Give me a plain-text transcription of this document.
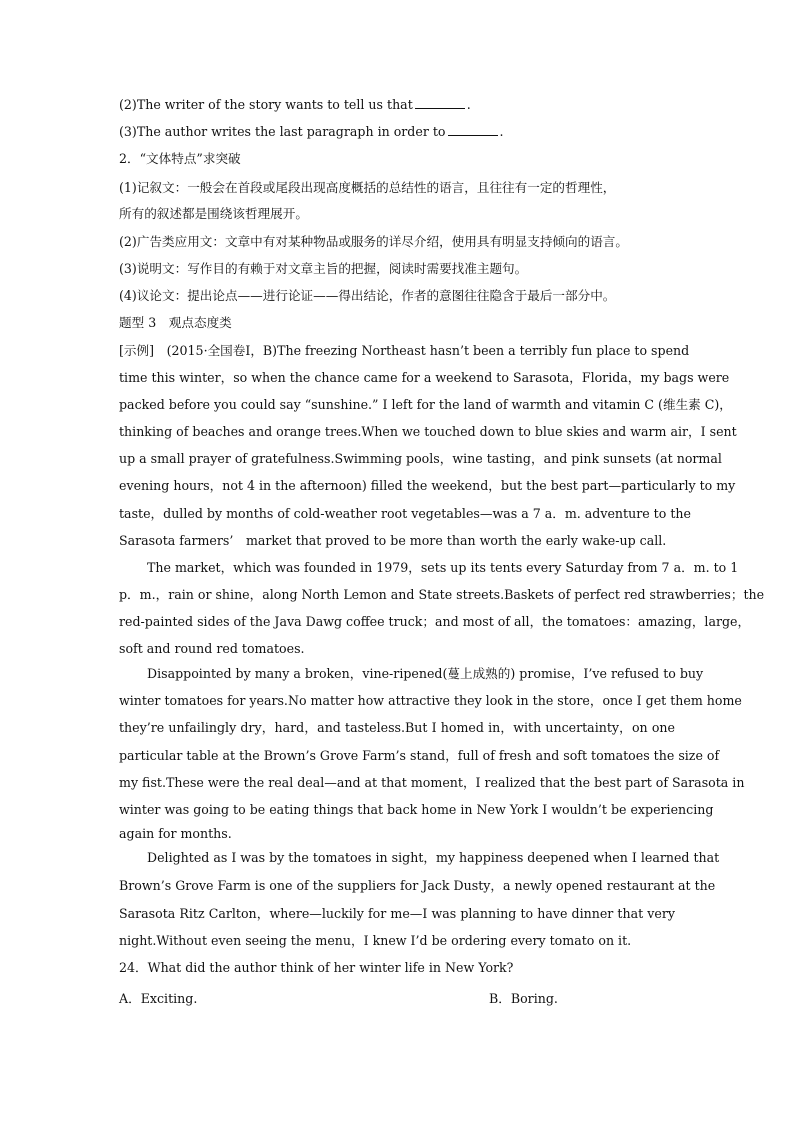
(2)The writer of the story wants to tell us that	.
(3)The author writes the last paragraph in order to	.
2．“文体特点”求突破
(1)记叙文：一般会在首段或尾段出现高度概括的总结性的语言，且往往有一定的哲理性，
所有的叙述都是围绕该哲理展开。
(2)广告类应用文：文章中有对某种物品或服务的详尽介绍，使用具有明显支持倾向的语言。
(3)说明文：写作目的有赖于对文章主旨的把握，阅读时需要找准主题句。
(4)议论文：提出论点——进行论证——得出结论，作者的意图往往隐含于最后一部分中。
题型 3　观点态度类
[示例]　(2015·全国卷Ⅰ，B)The freezing Northeast hasn’t been a terribly fun place to spend
time this winter，so when the chance came for a weekend to Sarasota，Florida，my bags were
packed before you could say “sunshine.” I left for the land of warmth and vitamin C (维生素 C)，
thinking of beaches and orange trees.When we touched down to blue skies and warm air，I sent
up a small prayer of gratefulness.Swimming pools，wine tasting，and pink sunsets (at normal
evening hours，not 4 in the afternoon) filled the weekend，but the best part—particularly to my
taste，dulled by months of cold-weather root vegetables—was a 7 a．m. adventure to the
Sarasota farmers’　market that proved to be more than worth the early wake-up call.
The market，which was founded in 1979，sets up its tents every Saturday from 7 a．m. to 1
p．m.，rain or shine，along North Lemon and State streets.Baskets of perfect red strawberries；the
red-painted sides of the Java Dawg coffee truck；and most of all，the tomatoes：amazing，large，
soft and round red tomatoes.
Disappointed by many a broken，vine-ripened(蔓上成熟的) promise，I’ve refused to buy
winter tomatoes for years.No matter how attractive they look in the store，once I get them home
they’re unfailingly dry，hard，and tasteless.But I homed in，with uncertainty，on one
particular table at the Brown’s Grove Farm’s stand，full of fresh and soft tomatoes the size of
my fist.These were the real deal—and at that moment，I realized that the best part of Sarasota in
winter was going to be eating things that back home in New York I wouldn’t be experiencing
again for months.
Delighted as I was by the tomatoes in sight，my happiness deepened when I learned that
Brown’s Grove Farm is one of the suppliers for Jack Dusty，a newly opened restaurant at the
Sarasota Ritz Carlton，where—luckily for me—I was planning to have dinner that very
night.Without even seeing the menu，I knew I’d be ordering every tomato on it.
24．What did the author think of her winter life in New York?
A．Exciting.	B．Boring.
